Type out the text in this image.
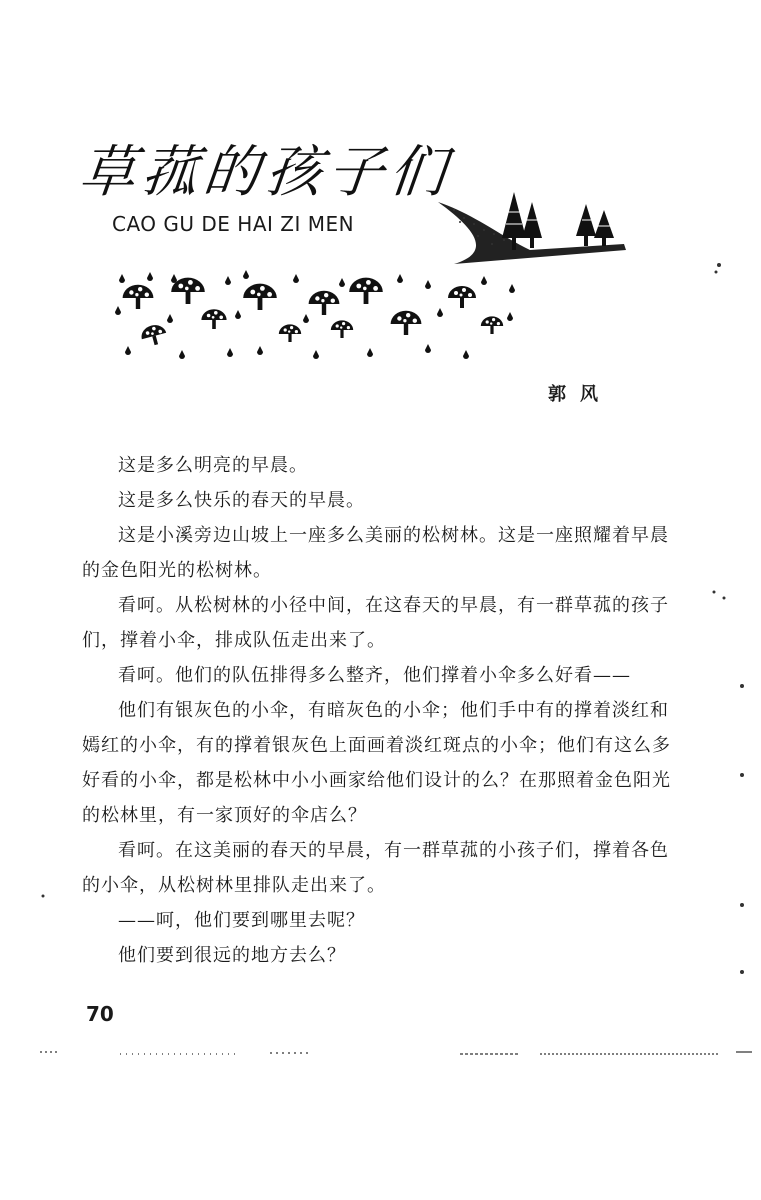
草菰的孩子们
CAO GU DE HAI ZI MEN
郭风

这是多么明亮的早晨。

这是多么快乐的春天的早晨。

这是小溪旁边山坡上一座多么美丽的松树林。这是一座照耀着早晨的金色阳光的松树林。

看呵。从松树林的小径中间，在这春天的早晨，有一群草菰的孩子们，撑着小伞，排成队伍走出来了。

看呵。他们的队伍排得多么整齐，他们撑着小伞多么好看——

他们有银灰色的小伞，有暗灰色的小伞；他们手中有的撑着淡红和嫣红的小伞，有的撑着银灰色上面画着淡红斑点的小伞；他们有这么多好看的小伞，都是松林中小小画家给他们设计的么？在那照着金色阳光的松林里，有一家顶好的伞店么？

看呵。在这美丽的春天的早晨，有一群草菰的小孩子们，撑着各色的小伞，从松树林里排队走出来了。

——呵，他们要到哪里去呢？

他们要到很远的地方去么？

70
